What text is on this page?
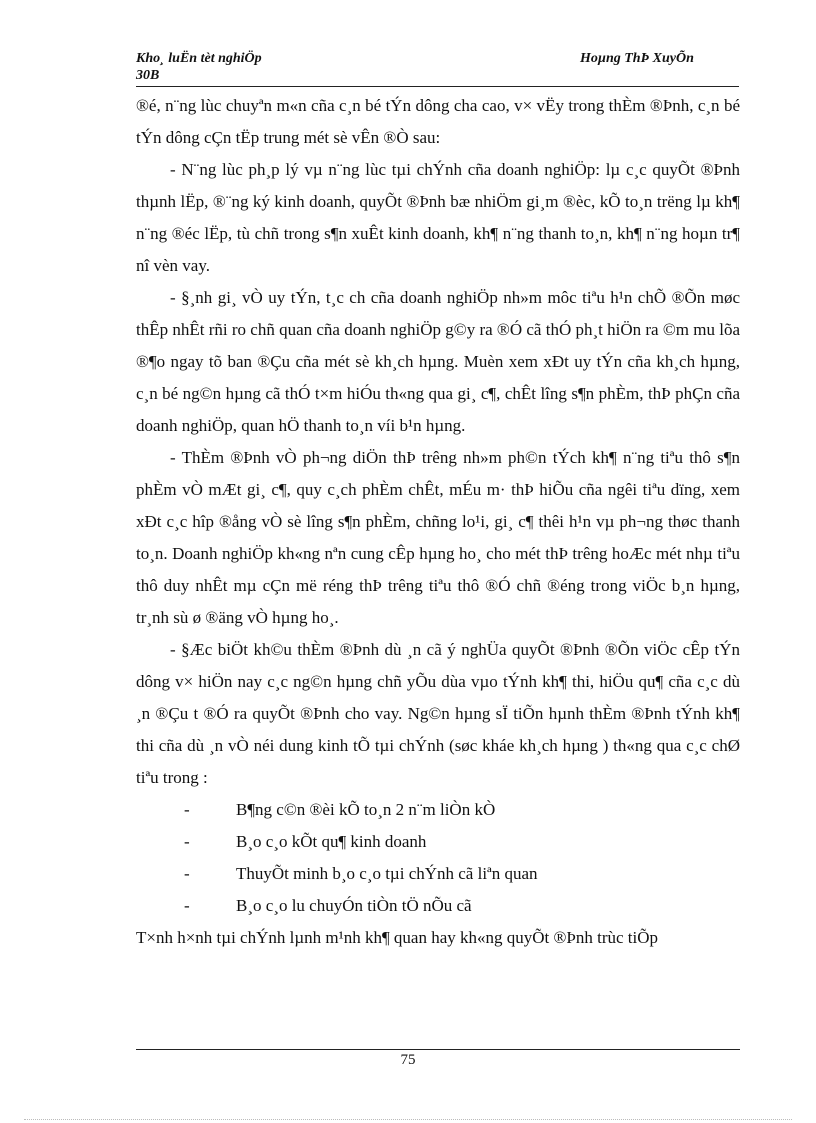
Kho¸ luËn tèt nghiÖp
30B
Hoµng ThÞ XuyÕn

®é, n¨ng lùc chuyªn m«n cña c¸n bé tÝn dông cha cao, v× vËy trong thÈm ®Þnh, c¸n bé tÝn dông cÇn tËp trung mét sè vÊn ®Ò sau:

- N¨ng lùc ph¸p lý vµ n¨ng lùc tµi chÝnh cña doanh nghiÖp: lµ c¸c quyÕt ®Þnh thµnh lËp, ®¨ng ký kinh doanh, quyÕt ®Þnh bæ nhiÖm gi¸m ®èc, kÕ to¸n trëng lµ kh¶ n¨ng ®éc lËp, tù chñ trong s¶n xuÊt kinh doanh, kh¶ n¨ng thanh to¸n, kh¶ n¨ng hoµn tr¶ nî vèn vay.

- §¸nh gi¸ vÒ uy tÝn, t¸c ch cña doanh nghiÖp nh»m môc tiªu h¹n chÕ ®Õn møc thÊp nhÊt rñi ro chñ quan cña doanh nghiÖp g©y ra ®Ó cã thÓ ph¸t hiÖn ra ©m mu lõa ®¶o ngay tõ ban ®Çu cña mét sè kh¸ch hµng. Muèn xem xÐt uy tÝn cña kh¸ch hµng, c¸n bé ng©n hµng cã thÓ t×m hiÓu th«ng qua gi¸ c¶, chÊt lîng s¶n phÈm, thÞ phÇn cña doanh nghiÖp, quan hÖ thanh to¸n víi b¹n hµng.

- ThÈm ®Þnh vÒ ph¬ng diÖn thÞ trêng nh»m ph©n tÝch kh¶ n¨ng tiªu thô s¶n phÈm vÒ mÆt gi¸ c¶, quy c¸ch phÈm chÊt, mÉu m· thÞ hiÕu cña ngêi tiªu dïng, xem xÐt c¸c hîp ®ång vÒ sè lîng s¶n phÈm, chñng lo¹i, gi¸ c¶ thêi h¹n vµ ph¬ng thøc thanh to¸n. Doanh nghiÖp kh«ng nªn cung cÊp hµng ho¸ cho mét thÞ trêng hoÆc mét nhµ tiªu thô duy nhÊt mµ cÇn më réng thÞ trêng tiªu thô ®Ó chñ ®éng trong viÖc b¸n hµng, tr¸nh sù ø ®äng vÒ hµng ho¸.

- §Æc biÖt kh©u thÈm ®Þnh dù ¸n cã ý nghÜa quyÕt ®Þnh ®Õn viÖc cÊp tÝn dông v× hiÖn nay c¸c ng©n hµng chñ yÕu dùa vµo tÝnh kh¶ thi, hiÖu qu¶ cña c¸c dù ¸n ®Çu t ®Ó ra quyÕt ®Þnh cho vay. Ng©n hµng sÏ tiÕn hµnh thÈm ®Þnh tÝnh kh¶ thi cña dù ¸n vÒ néi dung kinh tÕ tµi chÝnh (søc kháe kh¸ch hµng ) th«ng qua c¸c chØ tiªu trong :

-	B¶ng c©n ®èi kÕ to¸n 2 n¨m liÒn kÒ
-	B¸o c¸o kÕt qu¶ kinh doanh
-	ThuyÕt minh b¸o c¸o tµi chÝnh cã liªn quan
-	B¸o c¸o lu chuyÓn tiÒn tÖ nÕu cã

T×nh h×nh tµi chÝnh lµnh m¹nh kh¶ quan hay kh«ng quyÕt ®Þnh trùc tiÕp

75
